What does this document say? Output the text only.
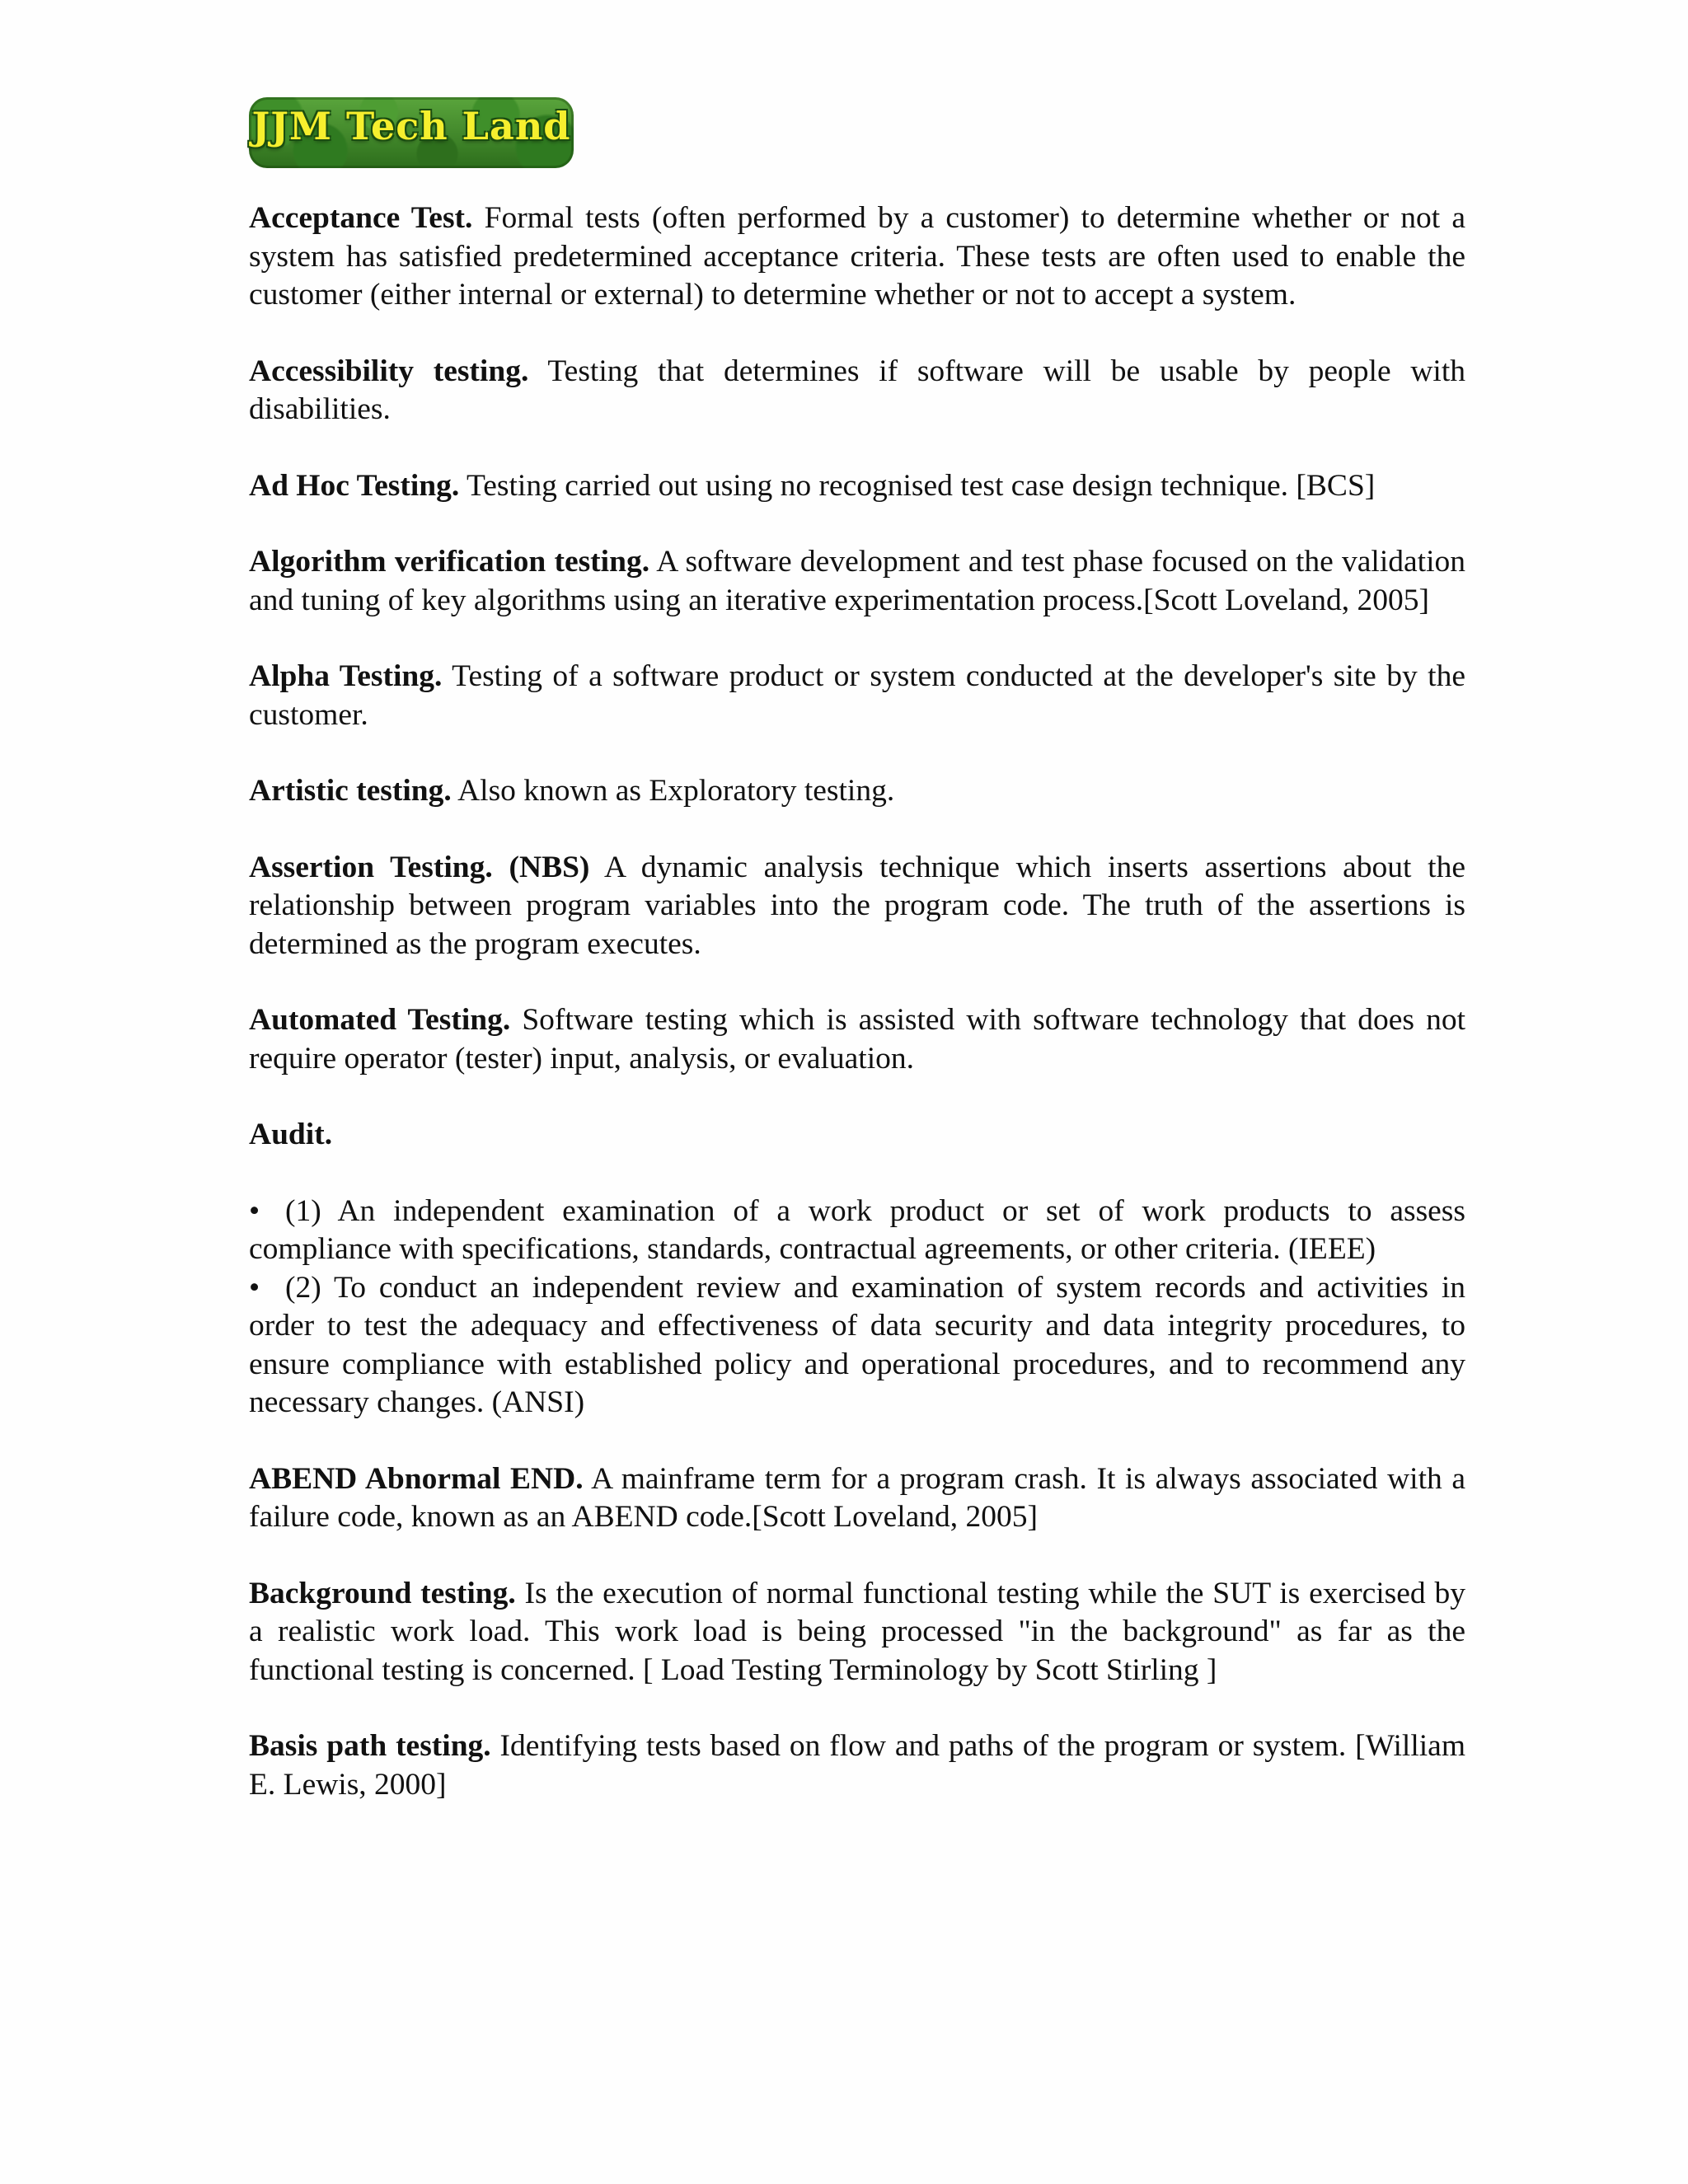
JJM Tech Land

Acceptance Test. Formal tests (often performed by a customer) to determine whether or not a system has satisfied predetermined acceptance criteria. These tests are often used to enable the customer (either internal or external) to determine whether or not to accept a system.

Accessibility testing. Testing that determines if software will be usable by people with disabilities.

Ad Hoc Testing. Testing carried out using no recognised test case design technique. [BCS]

Algorithm verification testing. A software development and test phase focused on the validation and tuning of key algorithms using an iterative experimentation process.[Scott Loveland, 2005]

Alpha Testing. Testing of a software product or system conducted at the developer's site by the customer.

Artistic testing. Also known as Exploratory testing.

Assertion Testing. (NBS) A dynamic analysis technique which inserts assertions about the relationship between program variables into the program code. The truth of the assertions is determined as the program executes.

Automated Testing. Software testing which is assisted with software technology that does not require operator (tester) input, analysis, or evaluation.

Audit.

• (1) An independent examination of a work product or set of work products to assess compliance with specifications, standards, contractual agreements, or other criteria. (IEEE)
• (2) To conduct an independent review and examination of system records and activities in order to test the adequacy and effectiveness of data security and data integrity procedures, to ensure compliance with established policy and operational procedures, and to recommend any necessary changes. (ANSI)

ABEND Abnormal END. A mainframe term for a program crash. It is always associated with a failure code, known as an ABEND code.[Scott Loveland, 2005]

Background testing. Is the execution of normal functional testing while the SUT is exercised by a realistic work load. This work load is being processed "in the background" as far as the functional testing is concerned. [ Load Testing Terminology by Scott Stirling ]

Basis path testing. Identifying tests based on flow and paths of the program or system. [William E. Lewis, 2000]
